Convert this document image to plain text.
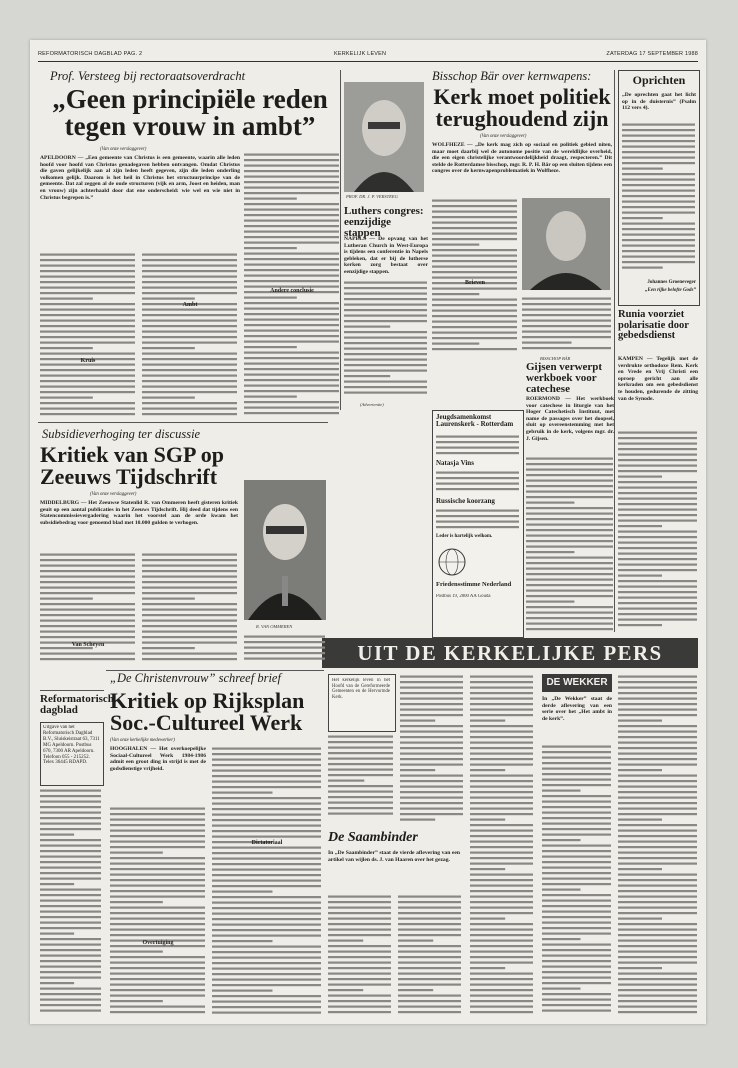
REFORMATORISCH DAGBLAD PAG. 2	KERKELIJK LEVEN	ZATERDAG 17 SEPTEMBER 1988
Prof. Versteeg bij rectoraatsoverdracht
„Geen principiële reden
tegen vrouw in ambt”
(Van onze verslaggever)
APELDOORN — „Een gemeente van Christus is een gemeente, waarin alle leden hoofd voor hoofd van Christus genadegaven hebben ontvangen. Omdat Christus die gaven gelijkelijk aan al zijn leden heeft gegeven, zijn die leden onderling volkomen gelijk. Daarom is het heil in Christus het structuurprincipe van de gemeente. Dat zal zeggen al de oude structuren (vijk en arm, Joost en heiden, man en vrouw) zijn achterhaald door dat ene onderscheid: wie wel en wie niet in Christus begrepen is.”
Kruis
Ambt
Andere conclusie
PROF. DR. J. P. VERSTEEG
Luthers congres: eenzijdige stappen
NAPELS — De opvang van het Lutheran Church in West-Europa is tijdens een conferentie in Napels gebleken, dat er bij de lutherse kerken zorg bestaat over eenzijdige stappen.
(Advertentie)
Bisschop Bär over kernwapens:
Kerk moet politiek
terughoudend zijn
(Van onze verslaggever)
WOLFHEZE — „De kerk mag zich op sociaal en politiek gebied niten, maar moet daarbij wel de autonome positie van de wereldlijke overheid, die een eigen christelijke verantwoordelijkheid draagt, respecteren.” Dit stelde de Rotterdamse bisschop, mgr. R. P. H. Bär op een sluiten tijdens een congres over de kernwapenproblematiek in Wolfheze.
Brieven
BISSCHOP BÄR
Oprichten
„De oprechten gaat het licht op in de duisternis” (Psalm 112 vers 4).
Johannes Groeneveger
„Een rijke belofte Gods”
Gijsen verwerpt werkboek voor catechese
ROERMOND — Het werkboek voor catechese in liturgie van het Hoger Catechetisch Instituut, met name de passages over het doopsel, sluit op overeenstemming met het gebruik in de kerk, volgens mgr. dr. J. Gijsen.
Runia voorziet polarisatie door gebedsdienst
KAMPEN — Tegelijk met de verdrukte orthodoxe Rem. Kerk en Vrede en Vrij Christi een oproep gericht aan alle kerkraden om een gebedsdienst te houden, gedurende de zitting van de Synode.
Jeugdsamenkomst Laurenskerk - Rotterdam
Natasja Vins
Russische koorzang
Leder is hartelijk welkom.
Friedensstimme Nederland
Postbus 19, 2800 AA Gouda
UIT DE KERKELIJKE PERS
Subsidieverhoging ter discussie
Kritiek van SGP op
Zeeuws Tijdschrift
(Van onze verslaggever)
MIDDELBURG — Het Zeeuwse Statenlid R. van Ommeren heeft gisteren kritiek geuit op een aantal publicaties in het Zeeuws Tijdschrift. Hij deed dat tijdens een Statencommissievergadering waarin het voorstel aan de orde kwam het subsidiebedrag voor genoemd blad met 10.000 gulden te verhogen.
Van Scheyen
R. VAN OMMEREN
„De Christenvrouw” schreef brief
Kritiek op Rijksplan
Soc.-Cultureel Werk
(Van onze kerkelijke medewerker)
HOOGHALEN — Het overkoepelijke Sociaal-Cultureel Werk 1984-1986 admit een groot ding in strijd is met de godsdienstige vrijheid.
Dictatoriaal
Overtuiging
Reformatorisch dagblad
Uitgave van het Reformatorisch Dagblad B.V., Sluiskeistraat 63, 7311 MG Apeldoorn. Postbus 670, 7300 AR Apeldoorn. Telefoon 055 - 215252. Telex 36445 RDAPD.
Het kerkelijk leven in het Hoofd van de Gereformeerde Gemeenten en de Hervormde Kerk.
De Saambinder
In „De Saambinder” staat de vierde aflevering van een artikel van wijlen ds. J. van Haaren over het gezag.
DE WEKKER
In „De Wekker” staat de derde aflevering van een serie over het „Het ambt in de kerk”.
